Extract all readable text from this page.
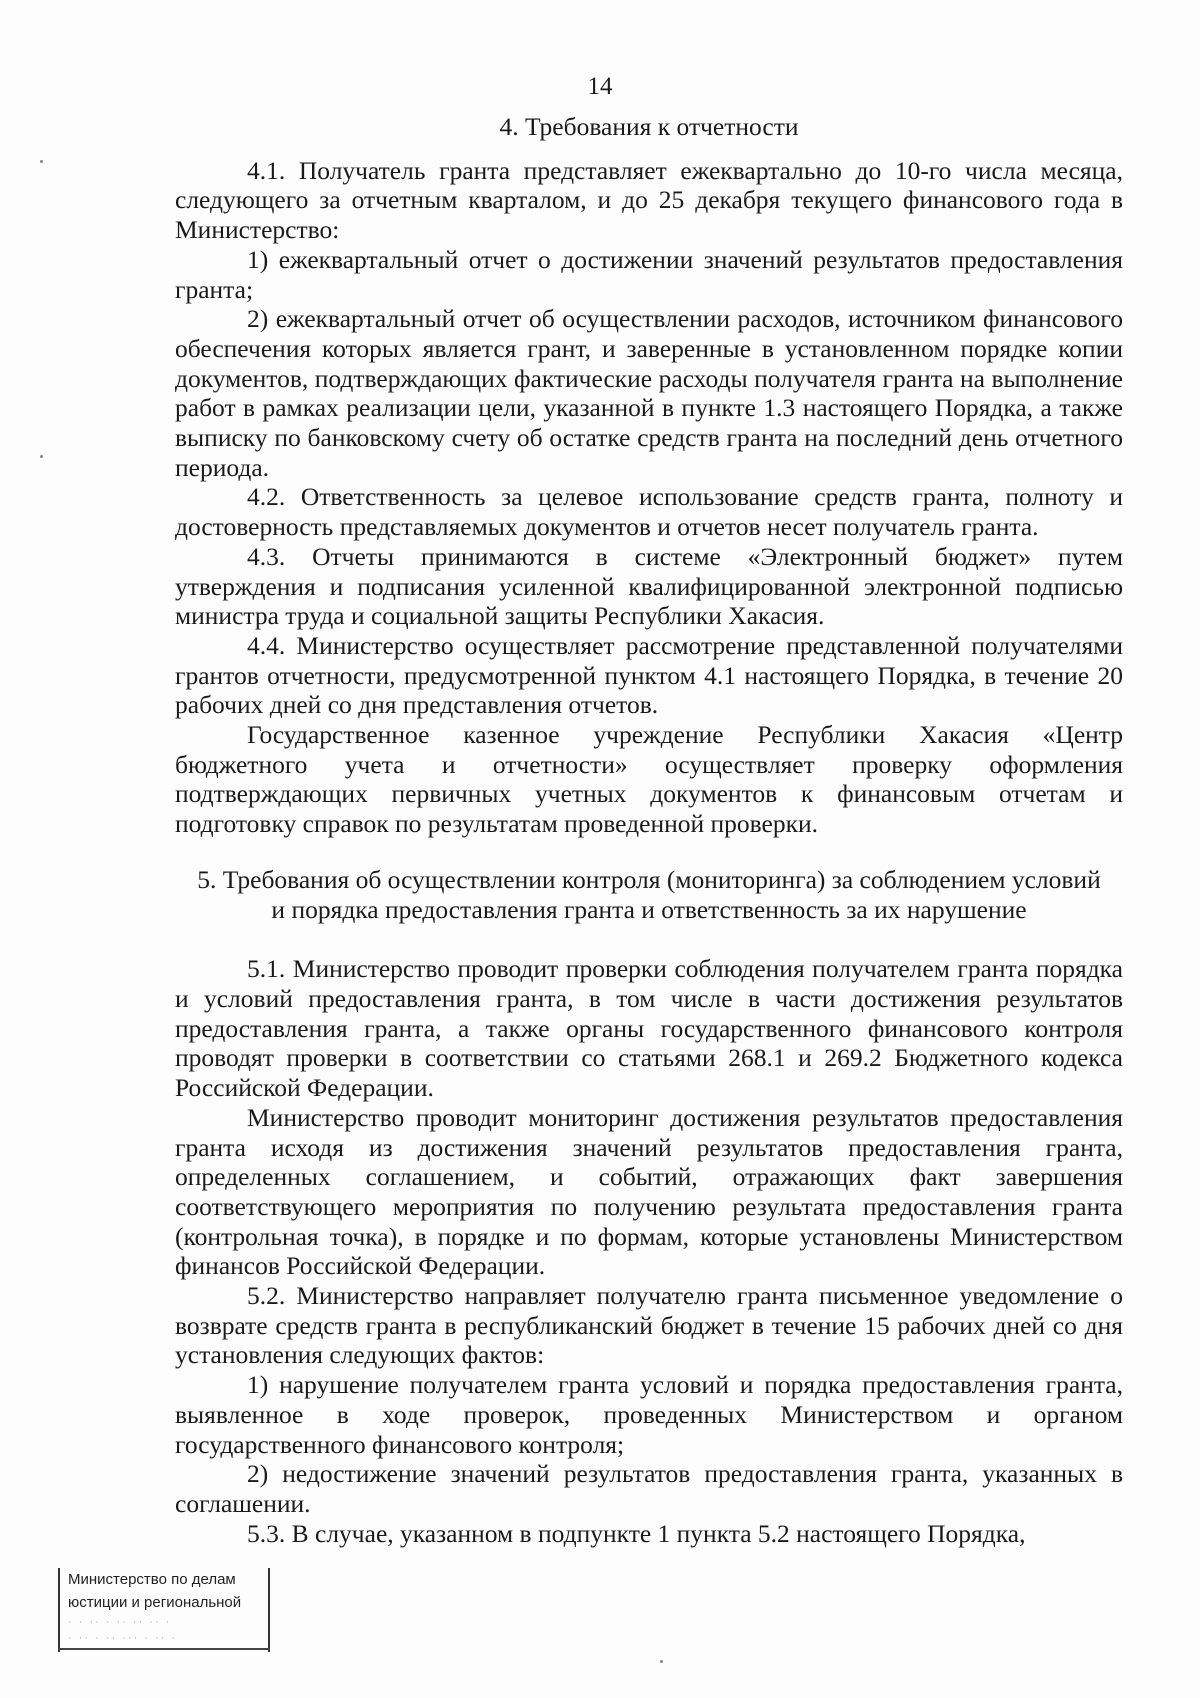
14
4. Требования к отчетности

4.1. Получатель гранта представляет ежеквартально до 10-го числа месяца, следующего за отчетным кварталом, и до 25 декабря текущего финансового года в Министерство:

1) ежеквартальный отчет о достижении значений результатов предоставления гранта;

2) ежеквартальный отчет об осуществлении расходов, источником финансового обеспечения которых является грант, и заверенные в установленном порядке копии документов, подтверждающих фактические расходы получателя гранта на выполнение работ в рамках реализации цели, указанной в пункте 1.3 настоящего Порядка, а также выписку по банковскому счету об остатке средств гранта на последний день отчетного периода.

4.2. Ответственность за целевое использование средств гранта, полноту и достоверность представляемых документов и отчетов несет получатель гранта.

4.3. Отчеты принимаются в системе «Электронный бюджет» путем утверждения и подписания усиленной квалифицированной электронной подписью министра труда и социальной защиты Республики Хакасия.

4.4. Министерство осуществляет рассмотрение представленной получателями грантов отчетности, предусмотренной пунктом 4.1 настоящего Порядка, в течение 20 рабочих дней со дня представления отчетов.

Государственное казенное учреждение Республики Хакасия «Центр бюджетного учета и отчетности» осуществляет проверку оформления подтверждающих первичных учетных документов к финансовым отчетам и подготовку справок по результатам проведенной проверки.

5. Требования об осуществлении контроля (мониторинга) за соблюдением условий
и порядка предоставления гранта и ответственность за их нарушение

5.1. Министерство проводит проверки соблюдения получателем гранта порядка и условий предоставления гранта, в том числе в части достижения результатов предоставления гранта, а также органы государственного финансового контроля проводят проверки в соответствии со статьями 268.1 и 269.2 Бюджетного кодекса Российской Федерации.

Министерство проводит мониторинг достижения результатов предоставления гранта исходя из достижения значений результатов предоставления гранта, определенных соглашением, и событий, отражающих факт завершения соответствующего мероприятия по получению результата предоставления гранта (контрольная точка), в порядке и по формам, которые установлены Министерством финансов Российской Федерации.

5.2. Министерство направляет получателю гранта письменное уведомление о возврате средств гранта в республиканский бюджет в течение 15 рабочих дней со дня установления следующих фактов:

1) нарушение получателем гранта условий и порядка предоставления гранта, выявленное в ходе проверок, проведенных Министерством и органом государственного финансового контроля;

2) недостижение значений результатов предоставления гранта, указанных в соглашении.

5.3. В случае, указанном в подпункте 1 пункта 5.2 настоящего Порядка,

Министерство по делам
юстиции и региональной
· · ·· · ·· ·· ·· ·
· ·· · ·· ··· · ·· ·
